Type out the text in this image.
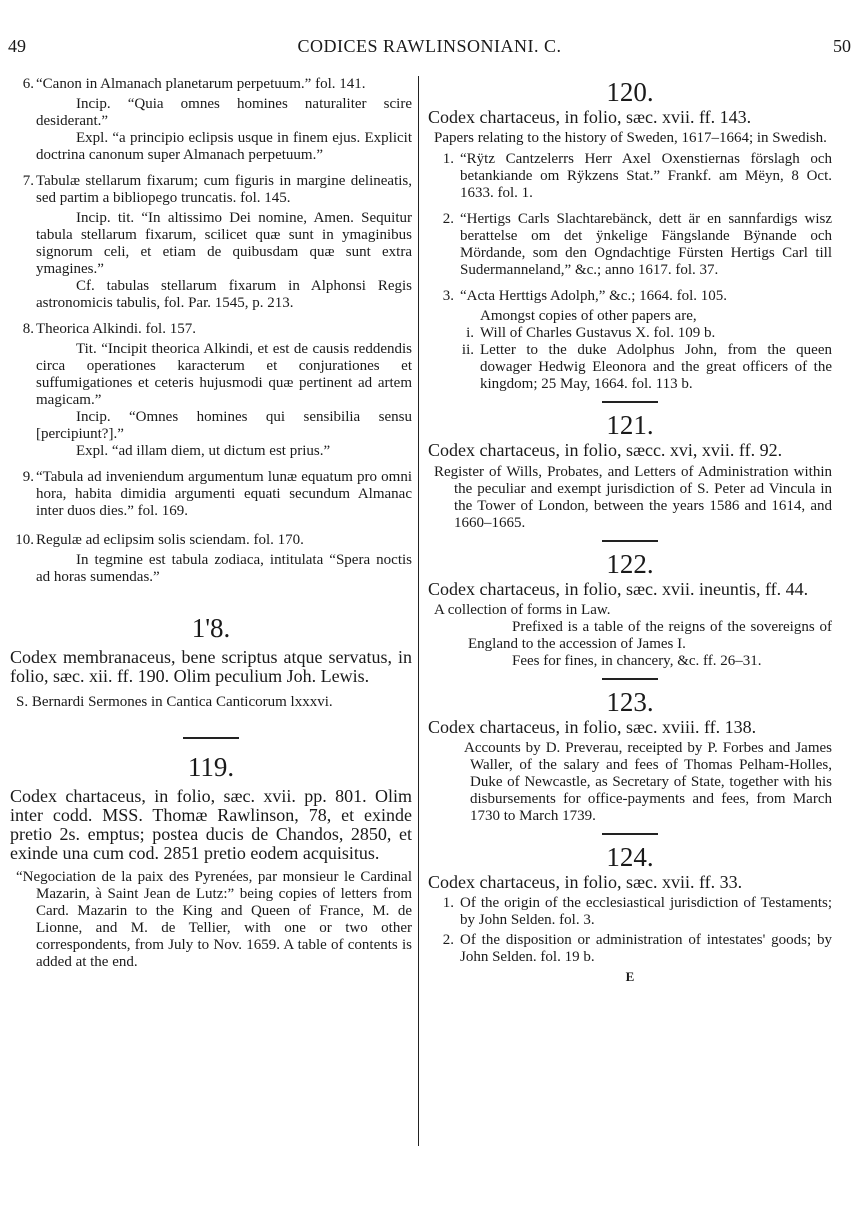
49	CODICES RAWLINSONIANI. C.	50
6. “Canon in Almanach planetarum perpetuum.” fol. 141.
Incip. “Quia omnes homines naturaliter scire desiderant.”
Expl. “a principio eclipsis usque in finem ejus. Explicit doctrina canonum super Almanach perpetuum.”
7. Tabulæ stellarum fixarum; cum figuris in margine delineatis, sed partim a bibliopego truncatis. fol. 145.
Incip. tit. “In altissimo Dei nomine, Amen. Sequitur tabula stellarum fixarum, scilicet quæ sunt in ymaginibus signorum celi, et etiam de quibusdam quæ sunt extra ymagines.”
Cf. tabulas stellarum fixarum in Alphonsi Regis astronomicis tabulis, fol. Par. 1545, p. 213.
8. Theorica Alkindi. fol. 157.
Tit. “Incipit theorica Alkindi, et est de causis reddendis circa operationes karacterum et conjurationes et suffumigationes et ceteris hujusmodi quæ pertinent ad artem magicam.”
Incip. “Omnes homines qui sensibilia sensu [percipiunt?].”
Expl. “ad illam diem, ut dictum est prius.”
9. “Tabula ad inveniendum argumentum lunæ equatum pro omni hora, habita dimidia argumenti equati secundum Almanac inter duos dies.” fol. 169.
10. Regulæ ad eclipsim solis sciendam. fol. 170.
In tegmine est tabula zodiaca, intitulata “Spera noctis ad horas sumendas.”
1'8.
Codex membranaceus, bene scriptus atque servatus, in folio, sæc. xii. ff. 190. Olim peculium Joh. Lewis.
S. Bernardi Sermones in Cantica Canticorum lxxxvi.
119.
Codex chartaceus, in folio, sæc. xvii. pp. 801. Olim inter codd. MSS. Thomæ Rawlinson, 78, et exinde pretio 2s. emptus; postea ducis de Chandos, 2850, et exinde una cum cod. 2851 pretio eodem acquisitus.
“Negociation de la paix des Pyrenées, par monsieur le Cardinal Mazarin, à Saint Jean de Lutz:” being copies of letters from Card. Mazarin to the King and Queen of France, M. de Lionne, and M. de Tellier, with one or two other correspondents, from July to Nov. 1659. A table of contents is added at the end.
120.
Codex chartaceus, in folio, sæc. xvii. ff. 143.
Papers relating to the history of Sweden, 1617–1664; in Swedish.
1. “Rÿtz Cantzelerrs Herr Axel Oxenstiernas förslagh och betankiande om Rÿkzens Stat.” Frankf. am Mëyn, 8 Oct. 1633. fol. 1.
2. “Hertigs Carls Slachtarebänck, dett är en sannfardigs wisz berattelse om det ÿnkelige Fängslande Bÿnande och Mördande, som den Ogndachtige Fürsten Hertigs Carl till Sudermanneland,” &c.; anno 1617. fol. 37.
3. “Acta Herttigs Adolph,” &c.; 1664. fol. 105.
Amongst copies of other papers are,
i. Will of Charles Gustavus X. fol. 109 b.
ii. Letter to the duke Adolphus John, from the queen dowager Hedwig Eleonora and the great officers of the kingdom; 25 May, 1664. fol. 113 b.
121.
Codex chartaceus, in folio, sæcc. xvi, xvii. ff. 92.
Register of Wills, Probates, and Letters of Administration within the peculiar and exempt jurisdiction of S. Peter ad Vincula in the Tower of London, between the years 1586 and 1614, and 1660–1665.
122.
Codex chartaceus, in folio, sæc. xvii. ineuntis, ff. 44.
A collection of forms in Law.
Prefixed is a table of the reigns of the sovereigns of England to the accession of James I.
Fees for fines, in chancery, &c. ff. 26–31.
123.
Codex chartaceus, in folio, sæc. xviii. ff. 138.
Accounts by D. Preverau, receipted by P. Forbes and James Waller, of the salary and fees of Thomas Pelham-Holles, Duke of Newcastle, as Secretary of State, together with his disbursements for office-payments and fees, from March 1730 to March 1739.
124.
Codex chartaceus, in folio, sæc. xvii. ff. 33.
1. Of the origin of the ecclesiastical jurisdiction of Testaments; by John Selden. fol. 3.
2. Of the disposition or administration of intestates' goods; by John Selden. fol. 19 b.
E
